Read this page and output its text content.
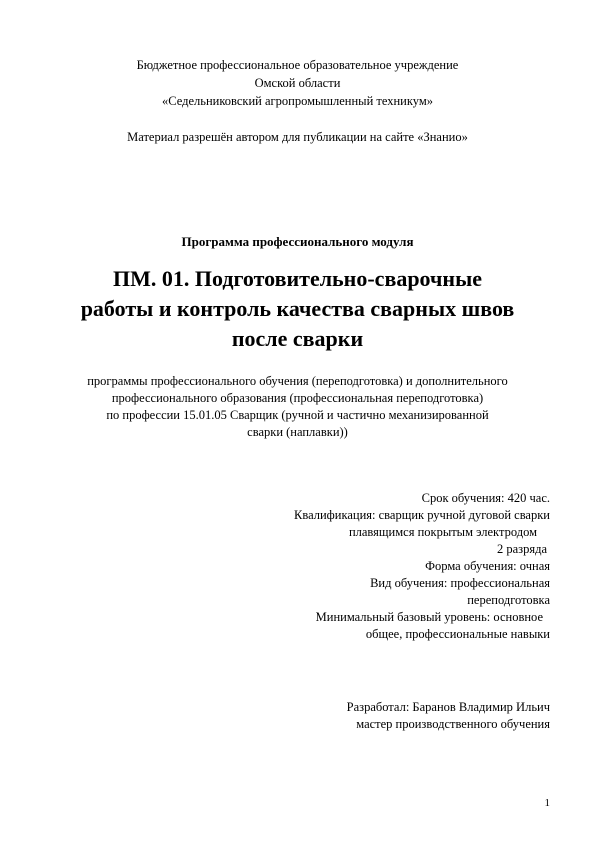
Бюджетное профессиональное образовательное учреждение
Омской области
«Седельниковский агропромышленный техникум»
Материал разрешён автором для публикации на сайте «Знанио»
Программа профессионального модуля
ПМ. 01. Подготовительно-сварочные
работы и контроль качества сварных швов
после сварки
программы профессионального обучения (переподготовка) и дополнительного
профессионального образования (профессиональная переподготовка)
по профессии 15.01.05 Сварщик (ручной и частично механизированной
сварки (наплавки))
Срок обучения: 420 час.
Квалификация: сварщик ручной дуговой сварки
плавящимся покрытым электродом
2 разряда
Форма обучения: очная
Вид обучения: профессиональная
переподготовка
Минимальный базовый уровень: основное
общее, профессиональные навыки
Разработал: Баранов Владимир Ильич
мастер производственного обучения
1
